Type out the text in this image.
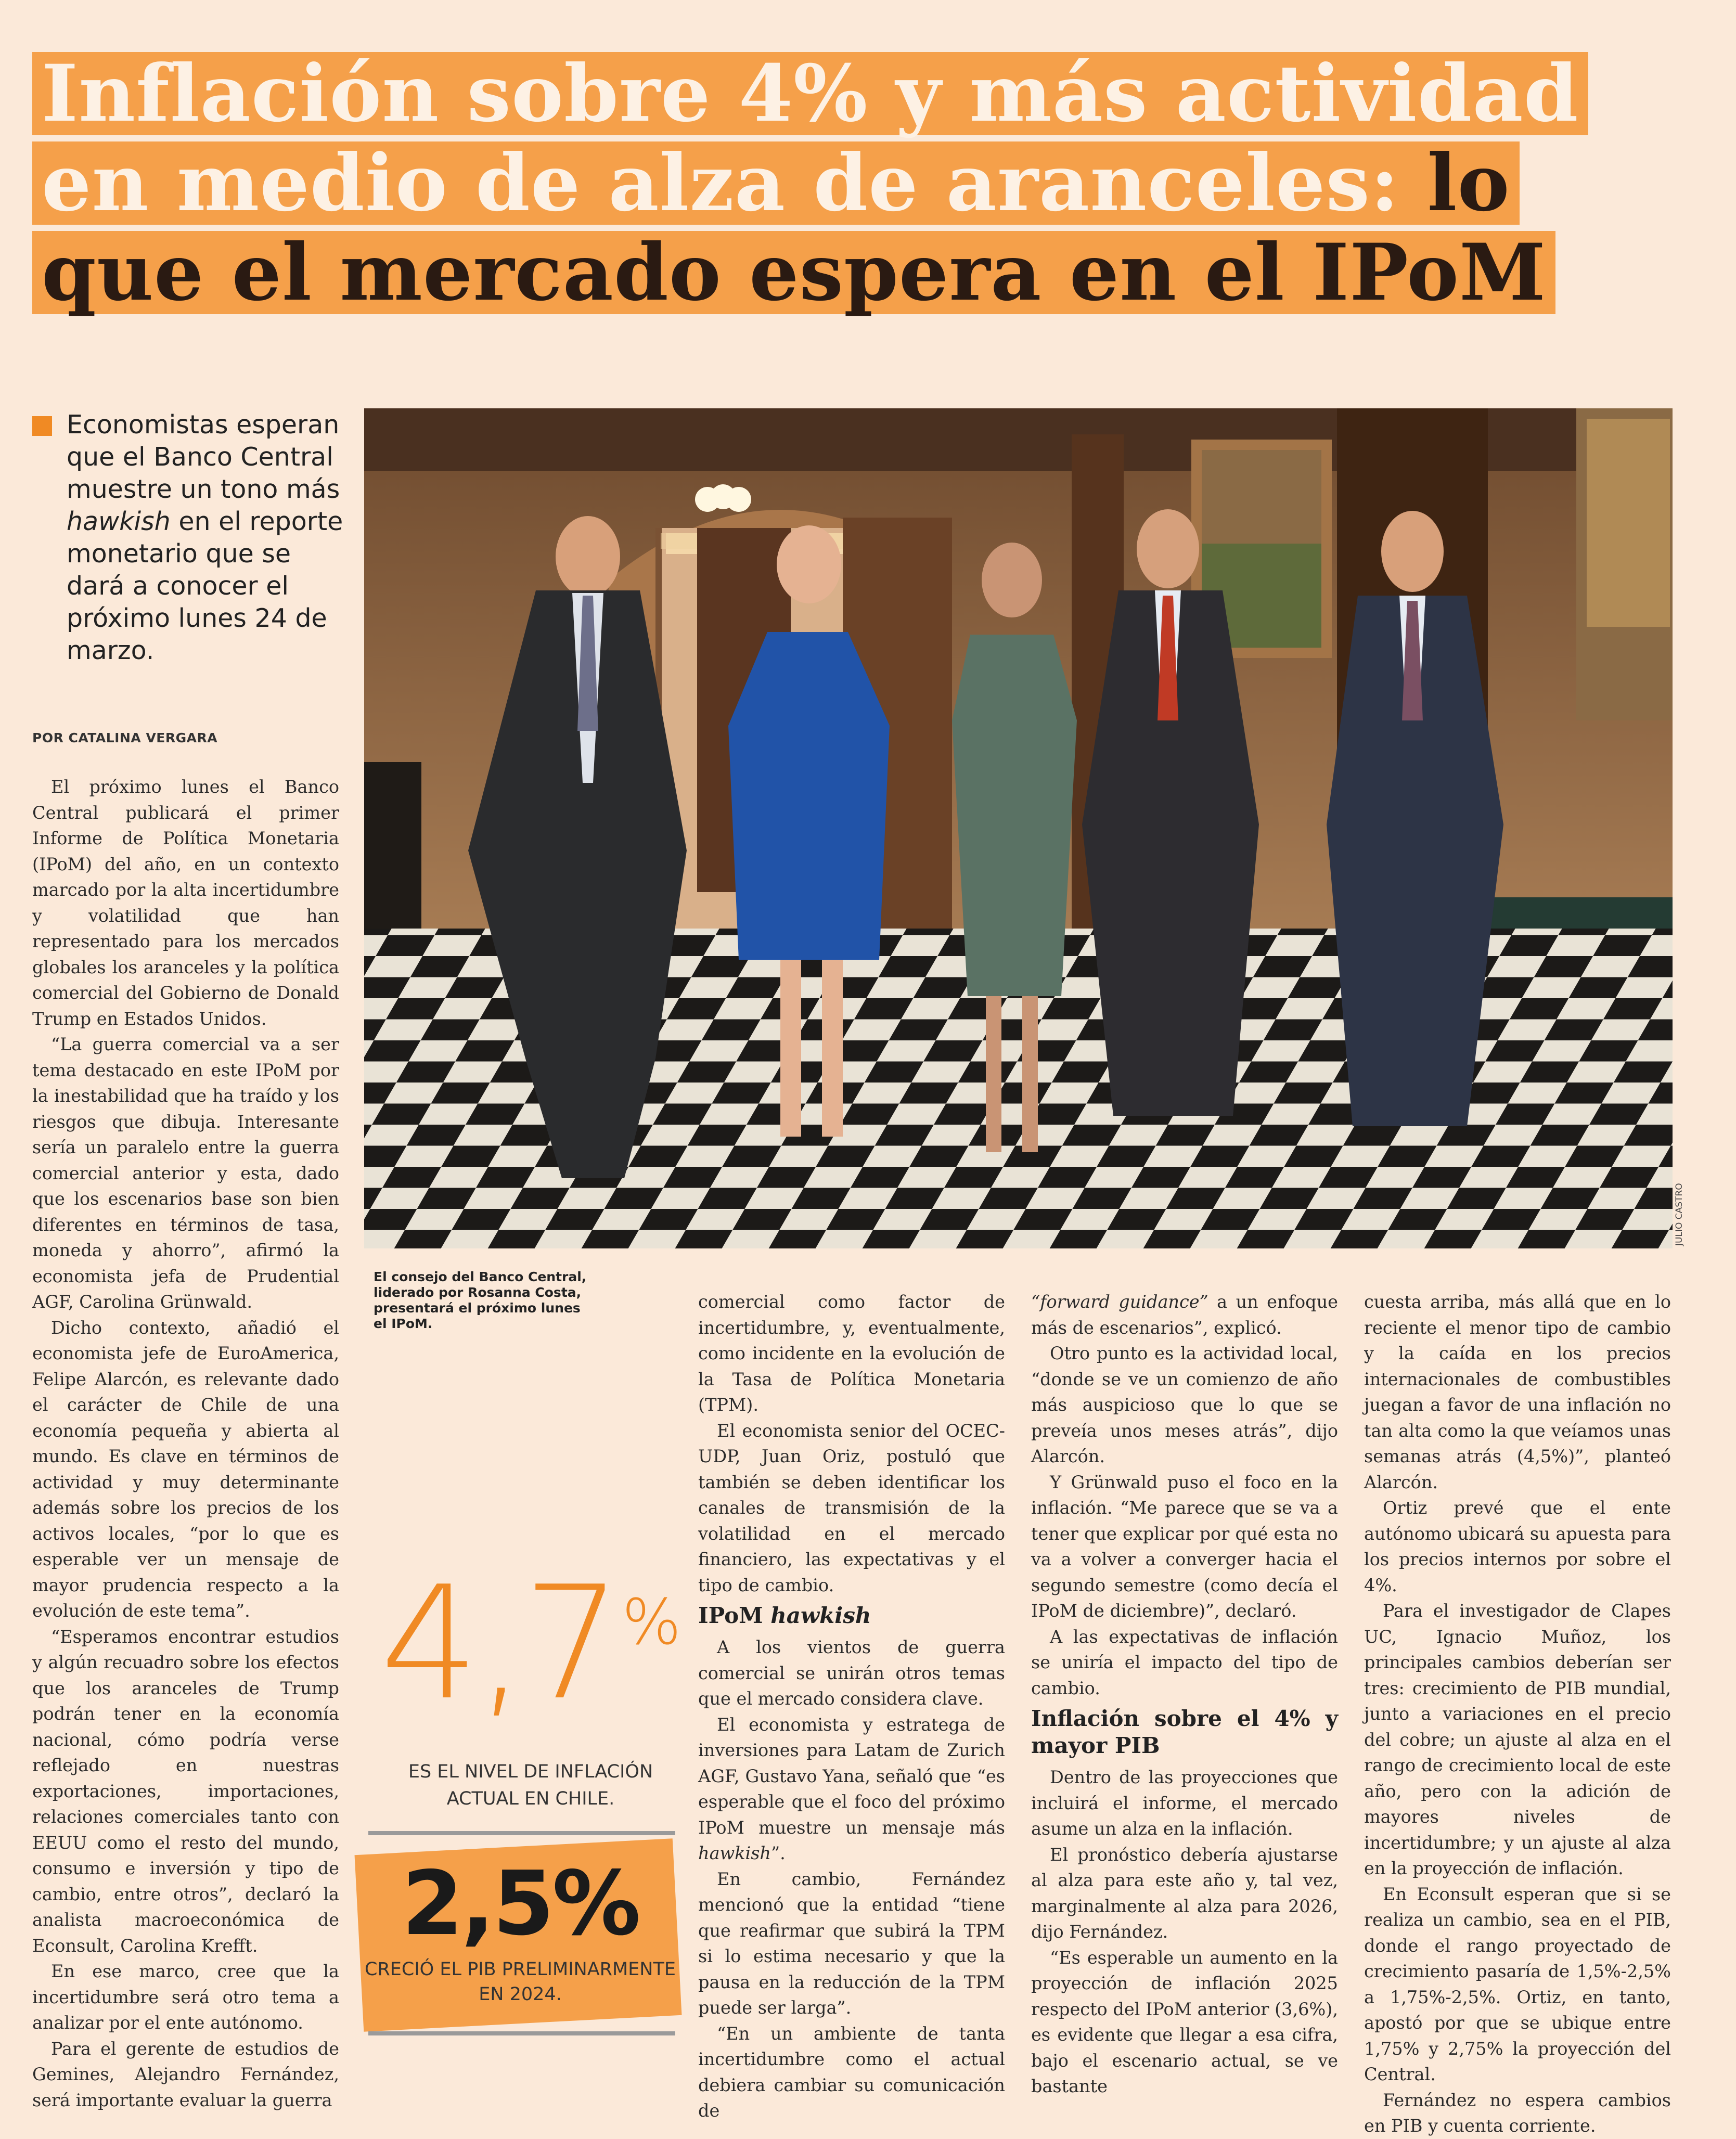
Inflación sobre 4% y más actividad
en medio de alza de aranceles: lo
que el mercado espera en el IPoM
Economistas esperan que el Banco Central muestre un tono más hawkish en el reporte monetario que se dará a conocer el próximo lunes 24 de marzo.
POR CATALINA VERGARA

El próximo lunes el Banco Central publicará el primer Informe de Política Monetaria (IPoM) del año, en un contexto marcado por la alta incertidumbre y volatilidad que han representado para los mercados globales los aranceles y la política comercial del Gobierno de Donald Trump en Estados Unidos.

“La guerra comercial va a ser tema destacado en este IPoM por la inestabilidad que ha traído y los riesgos que dibuja. Interesante sería un paralelo entre la guerra comercial anterior y esta, dado que los escenarios base son bien diferentes en términos de tasa, moneda y ahorro”, afirmó la economista jefa de Prudential AGF, Carolina Grünwald.

Dicho contexto, añadió el economista jefe de EuroAmerica, Felipe Alarcón, es relevante dado el carácter de Chile de una economía pequeña y abierta al mundo. Es clave en términos de actividad y muy determinante además sobre los precios de los activos locales, “por lo que es esperable ver un mensaje de mayor prudencia respecto a la evolución de este tema”.

“Esperamos encontrar estudios y algún recuadro sobre los efectos que los aranceles de Trump podrán tener en la economía nacional, cómo podría verse reflejado en nuestras exportaciones, importaciones, relaciones comerciales tanto con EEUU como el resto del mundo, consumo e inversión y tipo de cambio, entre otros”, declaró la analista macroeconómica de Econsult, Carolina Krefft.

En ese marco, cree que la incertidumbre será otro tema a analizar por el ente autónomo.

Para el gerente de estudios de Gemines, Alejandro Fernández, será importante evaluar la guerra

JULIO CASTRO
El consejo del Banco Central, liderado por Rosanna Costa, presentará el próximo lunes el IPoM.
4,7%
ES EL NIVEL DE INFLACIÓN ACTUAL EN CHILE.
2,5%
CRECIÓ EL PIB PRELIMINARMENTE EN 2024.

comercial como factor de incertidumbre, y, eventualmente, como incidente en la evolución de la Tasa de Política Monetaria (TPM).

El economista senior del OCEC-UDP, Juan Oriz, postuló que también se deben identificar los canales de transmisión de la volatilidad en el mercado financiero, las expectativas y el tipo de cambio.

IPoM hawkish

A los vientos de guerra comercial se unirán otros temas que el mercado considera clave.

El economista y estratega de inversiones para Latam de Zurich AGF, Gustavo Yana, señaló que “es esperable que el foco del próximo IPoM muestre un mensaje más hawkish”.

En cambio, Fernández mencionó que la entidad “tiene que reafirmar que subirá la TPM si lo estima necesario y que la pausa en la reducción de la TPM puede ser larga”.

“En un ambiente de tanta incertidumbre como el actual debiera cambiar su comunicación de

“forward guidance” a un enfoque más de escenarios”, explicó.

Otro punto es la actividad local, “donde se ve un comienzo de año más auspicioso que lo que se preveía unos meses atrás”, dijo Alarcón.

Y Grünwald puso el foco en la inflación. “Me parece que se va a tener que explicar por qué esta no va a volver a converger hacia el segundo semestre (como decía el IPoM de diciembre)”, declaró.

A las expectativas de inflación se uniría el impacto del tipo de cambio.

Inflación sobre el 4% y mayor PIB

Dentro de las proyecciones que incluirá el informe, el mercado asume un alza en la inflación.

El pronóstico debería ajustarse al alza para este año y, tal vez, marginalmente al alza para 2026, dijo Fernández.

“Es esperable un aumento en la proyección de inflación 2025 respecto del IPoM anterior (3,6%), es evidente que llegar a esa cifra, bajo el escenario actual, se ve bastante

cuesta arriba, más allá que en lo reciente el menor tipo de cambio y la caída en los precios internacionales de combustibles juegan a favor de una inflación no tan alta como la que veíamos unas semanas atrás (4,5%)”, planteó Alarcón.

Ortiz prevé que el ente autónomo ubicará su apuesta para los precios internos por sobre el 4%.

Para el investigador de Clapes UC, Ignacio Muñoz, los principales cambios deberían ser tres: crecimiento de PIB mundial, junto a variaciones en el precio del cobre; un ajuste al alza en el rango de crecimiento local de este año, pero con la adición de mayores niveles de incertidumbre; y un ajuste al alza en la proyección de inflación.

En Econsult esperan que si se realiza un cambio, sea en el PIB, donde el rango proyectado de crecimiento pasaría de 1,5%-2,5% a 1,75%-2,5%. Ortiz, en tanto, apostó por que se ubique entre 1,75% y 2,75% la proyección del Central.

Fernández no espera cambios en PIB y cuenta corriente.
